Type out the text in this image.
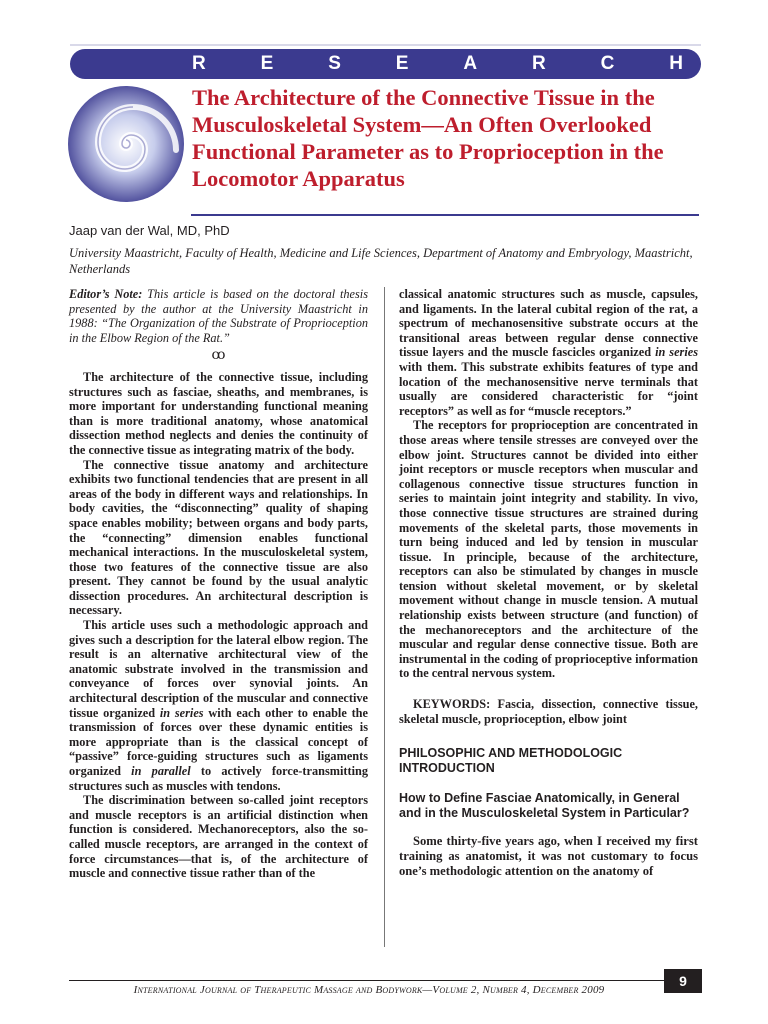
R	E	S	E	A	R	C	H
The Architecture of the Connective Tissue in the Musculoskeletal System—An Often Overlooked Functional Parameter as to Proprioception in the Locomotor Apparatus

Jaap van der Wal, MD, PhD

University Maastricht, Faculty of Health, Medicine and Life Sciences, Department of Anatomy and Embryology, Maastricht, Netherlands

Editor’s Note: This article is based on the doctoral thesis presented by the author at the University Maastricht in 1988: “The Organization of the Substrate of Proprioception in the Elbow Region of the Rat.”

ꝏ

The architecture of the connective tissue, including structures such as fasciae, sheaths, and membranes, is more important for understanding functional meaning than is more traditional anatomy, whose anatomical dissection method neglects and denies the continuity of the connective tissue as integrating matrix of the body.

The connective tissue anatomy and architecture exhibits two functional tendencies that are present in all areas of the body in different ways and relationships. In body cavities, the “disconnecting” quality of shaping space enables mobility; between organs and body parts, the “connecting” dimension enables functional mechanical interactions. In the musculoskeletal system, those two features of the connective tissue are also present. They cannot be found by the usual analytic dissection procedures. An architectural description is necessary.

This article uses such a methodologic approach and gives such a description for the lateral elbow region. The result is an alternative architectural view of the anatomic substrate involved in the transmission and conveyance of forces over synovial joints. An architectural description of the muscular and connective tissue organized in series with each other to enable the transmission of forces over these dynamic entities is more appropriate than is the classical concept of “passive” force-guiding structures such as ligaments organized in parallel to actively force-transmitting structures such as muscles with tendons.

The discrimination between so-called joint receptors and muscle receptors is an artificial distinction when function is considered. Mechanoreceptors, also the so-called muscle receptors, are arranged in the context of force circumstances—that is, of the architecture of muscle and connective tissue rather than of the

classical anatomic structures such as muscle, capsules, and ligaments. In the lateral cubital region of the rat, a spectrum of mechanosensitive substrate occurs at the transitional areas between regular dense connective tissue layers and the muscle fascicles organized in series with them. This substrate exhibits features of type and location of the mechanosensitive nerve terminals that usually are considered characteristic for “joint receptors” as well as for “muscle receptors.”

The receptors for proprioception are concentrated in those areas where tensile stresses are conveyed over the elbow joint. Structures cannot be divided into either joint receptors or muscle receptors when muscular and collagenous connective tissue structures function in series to maintain joint integrity and stability. In vivo, those connective tissue structures are strained during movements of the skeletal parts, those movements in turn being induced and led by tension in muscular tissue. In principle, because of the architecture, receptors can also be stimulated by changes in muscle tension without skeletal movement, or by skeletal movement without change in muscle tension. A mutual relationship exists between structure (and function) of the mechanoreceptors and the architecture of the muscular and regular dense connective tissue. Both are instrumental in the coding of proprioceptive information to the central nervous system.

KEYWORDS: Fascia, dissection, connective tissue, skeletal muscle, proprioception, elbow joint

PHILOSOPHIC AND METHODOLOGIC INTRODUCTION

How to Define Fasciae Anatomically, in General and in the Musculoskeletal System in Particular?

Some thirty-five years ago, when I received my first training as anatomist, it was not customary to focus one’s methodologic attention on the anatomy of

International Journal of Therapeutic Massage and Bodywork—Volume 2, Number 4, December 2009

9
